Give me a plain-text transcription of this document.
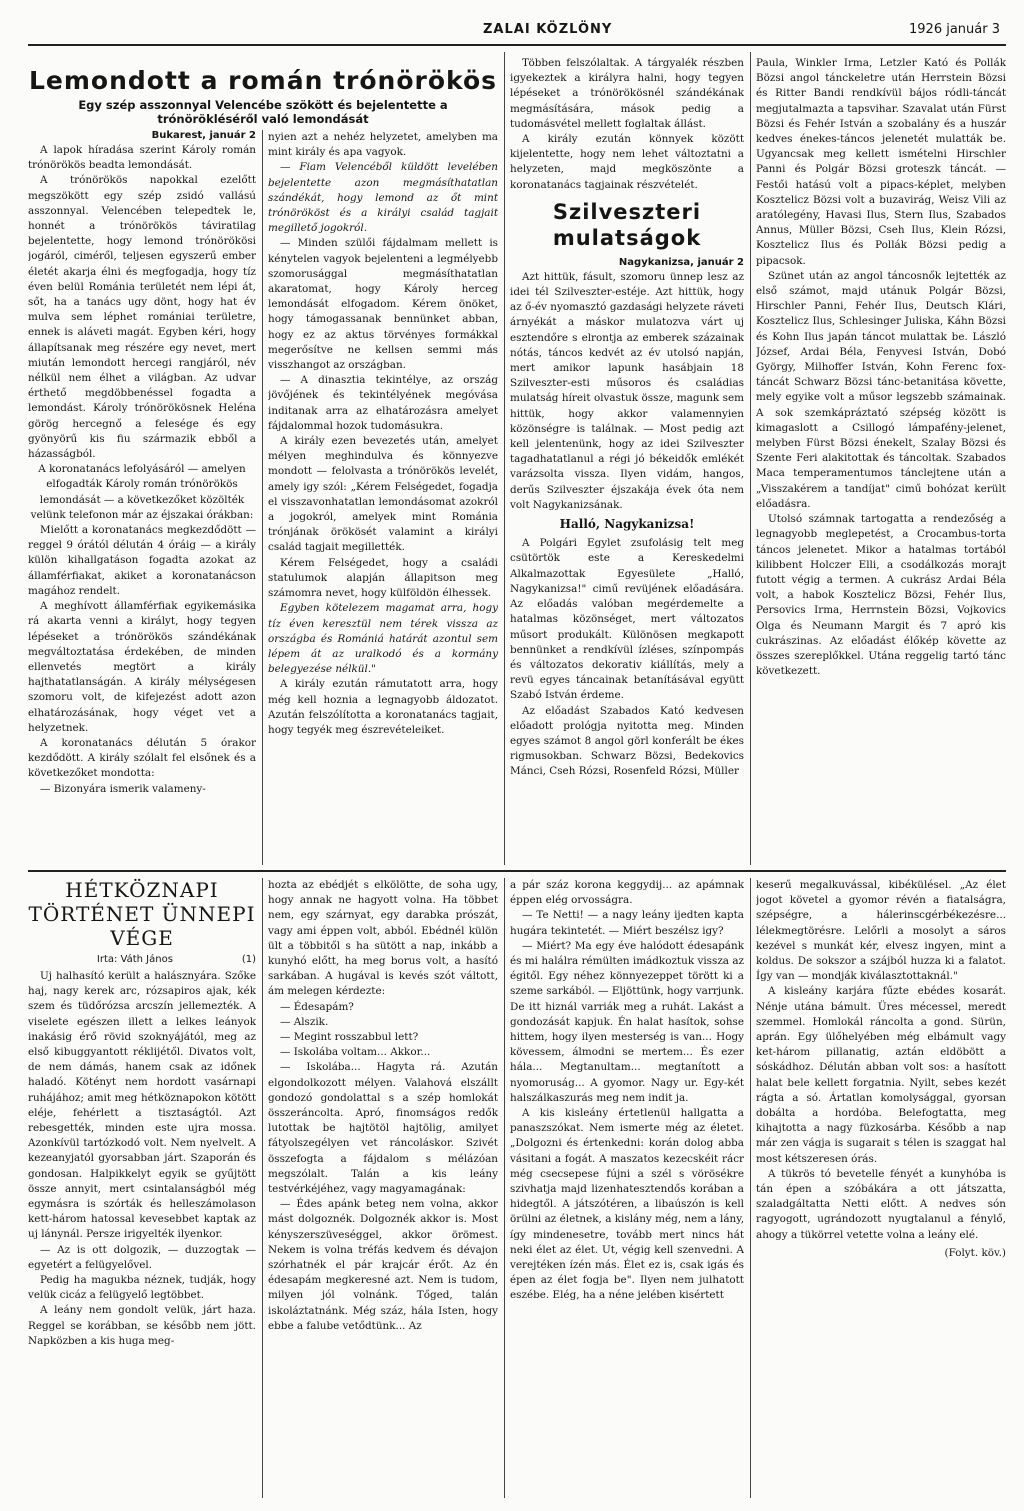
ZALAI KÖZLÖNY	1926 január 3
Lemondott a román trónörökös
Egy szép asszonnyal Velencébe szökött és bejelentette a trónörökléséről való lemondását
Bukarest, január 2

A lapok híradása szerint Károly román trónörökös beadta lemondását.

A trónörökös napokkal ezelőtt megszökött egy szép zsidó vallású asszonnyal. Velencében telepedtek le, honnét a trónörökös táviratilag bejelentette, hogy lemond trónörökösi jogáról, ciméről, teljesen egyszerű ember életét akarja élni és megfogadja, hogy tíz éven belül Románia területét nem lépi át, sőt, ha a tanács ugy dönt, hogy hat év mulva sem léphet romániai területre, ennek is aláveti magát. Egyben kéri, hogy állapítsanak meg részére egy nevet, mert miután lemondott hercegi rangjáról, név nélkül nem élhet a világban. Az udvar érthető megdöbbenéssel fogadta a lemondást. Károly trónörökösnek Heléna görög hercegnő a felesége és egy gyönyörű kis fiu származik ebből a házasságból.

A koronatanács lefolyásáról — amelyen elfogadták Károly román trónörökös lemondását — a következőket közölték velünk telefonon már az éjszakai órákban:

Mielőtt a koronatanács megkezdődött — reggel 9 órától délután 4 óráig — a király külön kihallgatáson fogadta azokat az államférfiakat, akiket a koronatanácson magához rendelt.

A meghívott államférfiak egyikemásika rá akarta venni a királyt, hogy tegyen lépéseket a trónörökös szándékának megváltoztatása érdekében, de minden ellenvetés megtört a király hajthatatlanságán. A király mélységesen szomoru volt, de kifejezést adott azon elhatározásának, hogy véget vet a helyzetnek.

A koronatanács délután 5 órakor kezdődött. A király szólalt fel elsőnek és a következőket mondotta:

— Bizonyára ismerik valameny-

nyien azt a nehéz helyzetet, amelyben ma mint király és apa vagyok.

— Fiam Velencéből küldött levelében bejelentette azon megmásíthatatlan szándékát, hogy lemond az őt mint trónörököst és a királyi család tagjait megillető jogokról.

— Minden szülői fájdalmam mellett is kénytelen vagyok bejelenteni a legmélyebb szomorusággal megmásíthatatlan akaratomat, hogy Károly herceg lemondását elfogadom. Kérem önöket, hogy támogassanak bennünket abban, hogy ez az aktus törvényes formákkal megerősítve ne kellsen semmi más visszhangot az országban.

— A dinasztia tekintélye, az ország jövőjének és tekintélyének megóvása inditanak arra az elhatározásra amelyet fájdalommal hozok tudomásukra.

A király ezen bevezetés után, amelyet mélyen meghindulva és könnyezve mondott — felolvasta a trónörökös levelét, amely igy szól: „Kérem Felségedet, fogadja el visszavonhatatlan lemondásomat azokról a jogokról, amelyek mint Románia trónjának örökösét valamint a királyi család tagjait megillették.

Kérem Felségedet, hogy a családi statulumok alapján állapitson meg számomra nevet, hogy külföldön élhessek.

Egyben kötelezem magamat arra, hogy tíz éven keresztül nem térek vissza az országba és Romániá határát azontul sem lépem át az uralkodó és a kormány belegyezése nélkül."

A király ezután rámutatott arra, hogy még kell hoznia a legnagyobb áldozatot. Azután felszólította a koronatanács tagjait, hogy tegyék meg észrevételeiket.

Többen felszólaltak. A tárgyalék részben igyekeztek a királyra halni, hogy tegyen lépéseket a trónörökösnél szándékának megmásítására, mások pedig a tudomásvétel mellett foglaltak állást.

A király ezután könnyek között kijelentette, hogy nem lehet változtatni a helyzeten, majd megköszönte a koronatanács tagjainak részvételét.

Szilveszteri mulatságok
Nagykanizsa, január 2

Azt hittük, fásult, szomoru ünnep lesz az idei tél Szilveszter-estéje. Azt hittük, hogy az ő-év nyomasztó gazdasági helyzete ráveti árnyékát a máskor mulatozva várt uj esztendőre s elrontja az emberek százainak nótás, táncos kedvét az év utolsó napján, mert amikor lapunk hasábjain 18 Szilveszter-esti műsoros és családias mulatság híreit olvastuk össze, magunk sem hittük, hogy akkor valamennyien közönségre is találnak. — Most pedig azt kell jelentenünk, hogy az idei Szilveszter tagadhatatlanul a régi jó békeidők emlékét varázsolta vissza. Ilyen vidám, hangos, derűs Szilveszter éjszakája évek óta nem volt Nagykanizsának.

Halló, Nagykanizsa!

A Polgári Egylet zsufolásig telt meg csütörtök este a Kereskedelmi Alkalmazottak Egyesülete „Halló, Nagykanizsa!" cimű revüjének előadására. Az előadás valóban megérdemelte a hatalmas közönséget, mert változatos műsort produkált. Különösen megkapott bennünket a rendkívül ízléses, színpompás és változatos dekorativ kiállítás, mely a revü egyes táncainak betanításával együtt Szabó István érdeme.

Az előadást Szabados Kató kedvesen előadott prológja nyitotta meg. Minden egyes számot 8 angol görl konferált be ékes rigmusokban. Schwarz Bözsi, Bedekovics Mánci, Cseh Rózsi, Rosenfeld Rózsi, Müller

Paula, Winkler Irma, Letzler Kató és Pollák Bözsi angol tánckeletre után Herrstein Bözsi és Ritter Bandi rendkívül bájos ródli-táncát megjutalmazta a tapsvihar. Szavalat után Fürst Bözsi és Fehér István a szobalány és a huszár kedves énekes-táncos jelenetét mulatták be. Ugyancsak meg kellett ismételni Hirschler Panni és Polgár Bözsi groteszk táncát. — Festői hatású volt a pipacs-képlet, melyben Kosztelicz Bözsi volt a buzavirág, Weisz Vili az aratólegény, Havasi Ilus, Stern Ilus, Szabados Annus, Müller Bözsi, Cseh Ilus, Klein Rózsi, Kosztelicz Ilus és Pollák Bözsi pedig a pipacsok.

Szünet után az angol táncosnők lejtették az első számot, majd utánuk Polgár Bözsi, Hirschler Panni, Fehér Ilus, Deutsch Klári, Kosztelicz Ilus, Schlesinger Juliska, Káhn Bözsi és Kohn Ilus japán táncot mulattak be. László József, Ardai Béla, Fenyvesi István, Dobó György, Milhoffer István, Kohn Ferenc fox-táncát Schwarz Bözsi tánc-betanitása követte, mely egyike volt a műsor legszebb számainak. A sok szemkápráztató szépség között is kimagaslott a Csillogó lámpafény-jelenet, melyben Fürst Bözsi énekelt, Szalay Bözsi és Szente Feri alakitottak és táncoltak. Szabados Maca temperamentumos tánclejtene után a „Visszakérem a tandíjat" cimű bohózat került előadásra.

Utolsó számnak tartogatta a rendezőség a legnagyobb meglepetést, a Crocambus-torta táncos jelenetet. Mikor a hatalmas tortából kilibbent Holczer Elli, a csodálkozás morajt futott végig a termen. A cukrász Ardai Béla volt, a habok Kosztelicz Bözsi, Fehér Ilus, Persovics Irma, Herrnstein Bözsi, Vojkovics Olga és Neumann Margit és 7 apró kis cukrászinas. Az előadást élőkép követte az összes szereplőkkel. Utána reggelig tartó tánc következett.

HÉTKÖZNAPI TÖRTÉNET ÜNNEPI VÉGE
Irta: Váth János	(1)

Uj halhasító került a halásznyára. Szőke haj, nagy kerek arc, rózsapiros ajak, kék szem és tüdőrózsa arcszín jellemezték. A viselete egészen illett a lelkes leányok inakásig érő rövid szoknyájától, meg az első kibuggyantott réklijétől. Divatos volt, de nem dámás, hanem csak az időnek haladó. Kötényt nem hordott vasárnapi ruhájához; amit meg hétköznapokon kötött eléje, fehérlett a tisztaságtól. Azt rebesgették, minden este ujra mossa. Azonkívül tartózkodó volt. Nem nyelvelt. A kezeanyjatól gyorsabban járt. Szaporán és gondosan. Halpikkelyt egyik se gyűjtött össze annyit, mert csintalanságból még egymásra is szórták és helleszámolason kett-három hatossal kevesebbet kaptak az uj lánynál. Persze irigyelték ilyenkor.

— Az is ott dolgozik, — duzzogtak — egyetért a felügyelővel.

Pedig ha magukba néznek, tudják, hogy velük cicáz a felügyelő legtöbbet.

A leány nem gondolt velük, járt haza. Reggel se korábban, se később nem jött. Napközben a kis huga meg-

hozta az ebédjét s elkölötte, de soha ugy, hogy annak ne hagyott volna. Ha többet nem, egy szárnyat, egy darabka prószát, vagy ami éppen volt, abból. Ebédnél külön ült a többitől s ha sütött a nap, inkább a kunyhó előtt, ha meg borus volt, a hasító sarkában. A hugával is kevés szót váltott, ám melegen kérdezte:

— Édesapám?

— Alszik.

— Megint rosszabbul lett?

— Iskolába voltam... Akkor...

— Iskolába... Hagyta rá. Azután elgondolkozott mélyen. Valahová elszállt gondozó gondolattal s a szép homlokát összeráncolta. Apró, finomságos redők lutottak be hajtötöl hajtölig, amilyet fátyolszegélyen vet ráncoláskor. Szivét összefogta a fájdalom s mélázóan megszólalt. Talán a kis leány testvérkéjéhez, vagy magyamagának:

— Édes apánk beteg nem volna, akkor mást dolgoznék. Dolgoznék akkor is. Most kényszerszüveséggel, akkor örömest. Nekem is volna tréfás kedvem és dévajon szórhatnék el pár krajcár érőt. Az én édesapám megkeresné azt. Nem is tudom, milyen jól volnánk. Tőged, talán iskoláztatnánk. Még száz, hála Isten, hogy ebbe a falube vetődtünk... Az

a pár száz korona keggydij... az apámnak éppen elég orvosságra.

— Te Netti! — a nagy leány ijedten kapta hugára tekintetét. — Miért beszélsz igy?

— Miért? Ma egy éve halódott édesapánk és mi halálra rémülten imádkoztuk vissza az égitől. Egy néhez könnyezeppet törött ki a szeme sarkából. — Eljöttünk, hogy varrjunk. De itt hiznál varriák meg a ruhát. Lakást a gondozását kapjuk. Én halat hasítok, sohse hittem, hogy ilyen mesterség is van... Hogy kövessem, álmodni se mertem... És ezer hála... Megtanultam... megtanított a nyomoruság... A gyomor. Nagy ur. Egy-két halszálkaszurás meg nem indit ja.

A kis kisleány értetlenül hallgatta a panaszszókat. Nem ismerte még az életet. „Dolgozni és értenkedni: korán dolog abba vásitani a fogát. A maszatos kezecskéit rácr még csecsepese fújni a szél s vörösékre szivhatja majd lizenhatesztendős korában a hidegtől. A játszótéren, a libaúszón is kell örülni az életnek, a kislány még, nem a lány, így mindenesetre, tovább mert nincs hát neki élet az élet. Ut, végig kell szenvedni. A verejtéken ízén más. Élet ez is, csak igás és épen az élet fogja be". Ilyen nem julhatott eszébe. Elég, ha a néne jelében kisértett

keserű megalkuvással, kibékülésel. „Az élet jogot követel a gyomor révén a fiatalságra, szépségre, a hálerinscgérbékezésre... lélekmegtörésre. Lelőrli a mosolyt a sáros kezével s munkát kér, elvesz ingyen, mint a koldus. De sokszor a szájból huzza ki a falatot. Így van — mondják kiválasztottaknál."

A kisleány karjára fűzte ebédes kosarát. Nénje utána bámult. Üres mécessel, meredt szemmel. Homlokál ráncolta a gond. Sürün, aprán. Egy ülőhelyében még elbámult vagy ket-három pillanatig, aztán eldöbött a sóskádhoz. Délután abban volt sos: a hasított halat bele kellett forgatnia. Nyilt, sebes kezét rágta a só. Ártatlan komolysággal, gyorsan dobálta a hordóba. Belefogtatta, meg kihajtotta a nagy füzkosárba. Később a nap már zen vágja is sugarait s télen is szaggat hal most kétszeresen órás.

A tükrös tó bevetelle fényét a kunyhóba is tán épen a szóbákára a ott játszatta, szaladgáltatta Netti előtt. A nedves són ragyogott, ugrándozott nyugtalanul a fénylő, ahogy a tükörrel vetette volna a leány elé.

(Folyt. köv.)
